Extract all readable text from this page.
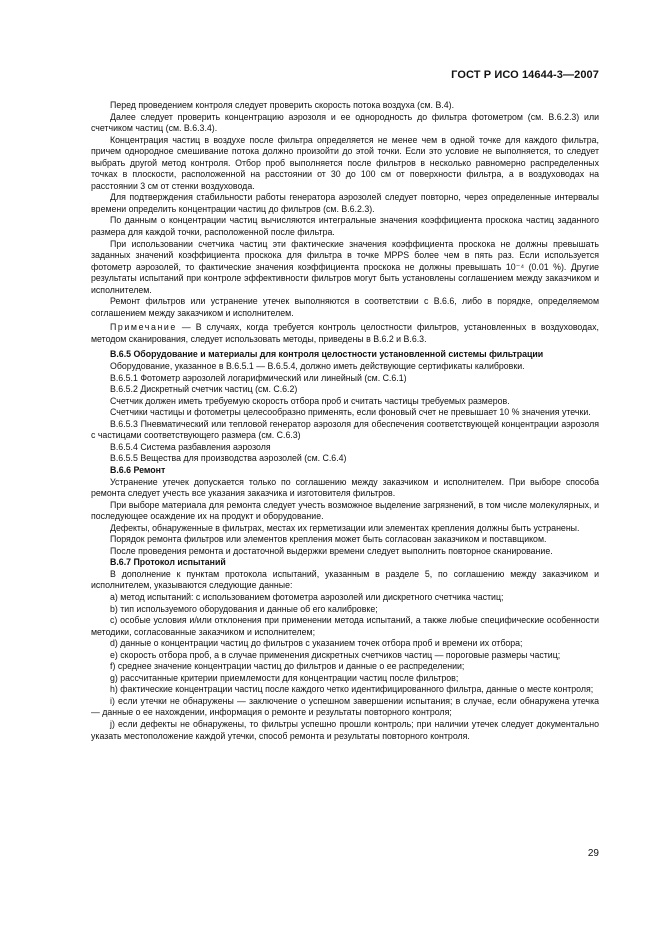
ГОСТ Р ИСО 14644-3—2007

Перед проведением контроля следует проверить скорость потока воздуха (см. В.4).

Далее следует проверить концентрацию аэрозоля и ее однородность до фильтра фотометром (см. В.6.2.3) или счетчиком частиц (см. В.6.3.4).

Концентрация частиц в воздухе после фильтра определяется не менее чем в одной точке для каждого фильтра, причем однородное смешивание потока должно произойти до этой точки. Если это условие не выполняется, то следует выбрать другой метод контроля. Отбор проб выполняется после фильтров в несколько равномерно распределенных точках в плоскости, расположенной на расстоянии от 30 до 100 см от поверхности фильтра, а в воздуховодах на расстоянии 3 см от стенки воздуховода.

Для подтверждения стабильности работы генератора аэрозолей следует повторно, через определенные интервалы времени определить концентрации частиц до фильтров (см. В.6.2.3).

По данным о концентрации частиц вычисляются интегральные значения коэффициента проскока частиц заданного размера для каждой точки, расположенной после фильтра.

При использовании счетчика частиц эти фактические значения коэффициента проскока не должны превышать заданных значений коэффициента проскока для фильтра в точке MPPS более чем в пять раз. Если используется фотометр аэрозолей, то фактические значения коэффициента проскока не должны превышать 10⁻⁴ (0.01 %). Другие результаты испытаний при контроле эффективности фильтров могут быть установлены соглашением между заказчиком и исполнителем.

Ремонт фильтров или устранение утечек выполняются в соответствии с В.6.6, либо в порядке, определяемом соглашением между заказчиком и исполнителем.

Примечание — В случаях, когда требуется контроль целостности фильтров, установленных в воздуховодах, методом сканирования, следует использовать методы, приведены в В.6.2 и В.6.3.

В.6.5 Оборудование и материалы для контроля целостности установленной системы фильтрации

Оборудование, указанное в В.6.5.1 — В.6.5.4, должно иметь действующие сертификаты калибровки.

В.6.5.1 Фотометр аэрозолей логарифмический или линейный (см. С.6.1)

В.6.5.2 Дискретный счетчик частиц (см. С.6.2)

Счетчик должен иметь требуемую скорость отбора проб и считать частицы требуемых размеров.

Счетчики частицы и фотометры целесообразно применять, если фоновый счет не превышает 10 % значения утечки.

В.6.5.3 Пневматический или тепловой генератор аэрозоля для обеспечения соответствующей концентрации аэрозоля с частицами соответствующего размера (см. С.6.3)

В.6.5.4 Система разбавления аэрозоля

В.6.5.5 Вещества для производства аэрозолей (см. С.6.4)

В.6.6 Ремонт

Устранение утечек допускается только по соглашению между заказчиком и исполнителем. При выборе способа ремонта следует учесть все указания заказчика и изготовителя фильтров.

При выборе материала для ремонта следует учесть возможное выделение загрязнений, в том числе молекулярных, и последующее осаждение их на продукт и оборудование.

Дефекты, обнаруженные в фильтрах, местах их герметизации или элементах крепления должны быть устранены.

Порядок ремонта фильтров или элементов крепления может быть согласован заказчиком и поставщиком.

После проведения ремонта и достаточной выдержки времени следует выполнить повторное сканирование.

В.6.7 Протокол испытаний

В дополнение к пунктам протокола испытаний, указанным в разделе 5, по соглашению между заказчиком и исполнителем, указываются следующие данные:

a) метод испытаний: с использованием фотометра аэрозолей или дискретного счетчика частиц;

b) тип используемого оборудования и данные об его калибровке;

c) особые условия и/или отклонения при применении метода испытаний, а также любые специфические особенности методики, согласованные заказчиком и исполнителем;

d) данные о концентрации частиц до фильтров с указанием точек отбора проб и времени их отбора;

e) скорость отбора проб, а в случае применения дискретных счетчиков частиц — пороговые размеры частиц;

f) среднее значение концентрации частиц до фильтров и данные о ее распределении;

g) рассчитанные критерии приемлемости для концентрации частиц после фильтров;

h) фактические концентрации частиц после каждого четко идентифицированного фильтра, данные о месте контроля;

i) если утечки не обнаружены — заключение о успешном завершении испытания; в случае, если обнаружена утечка — данные о ее нахождении, информация о ремонте и результаты повторного контроля;

j) если дефекты не обнаружены, то фильтры успешно прошли контроль; при наличии утечек следует документально указать местоположение каждой утечки, способ ремонта и результаты повторного контроля.

29
